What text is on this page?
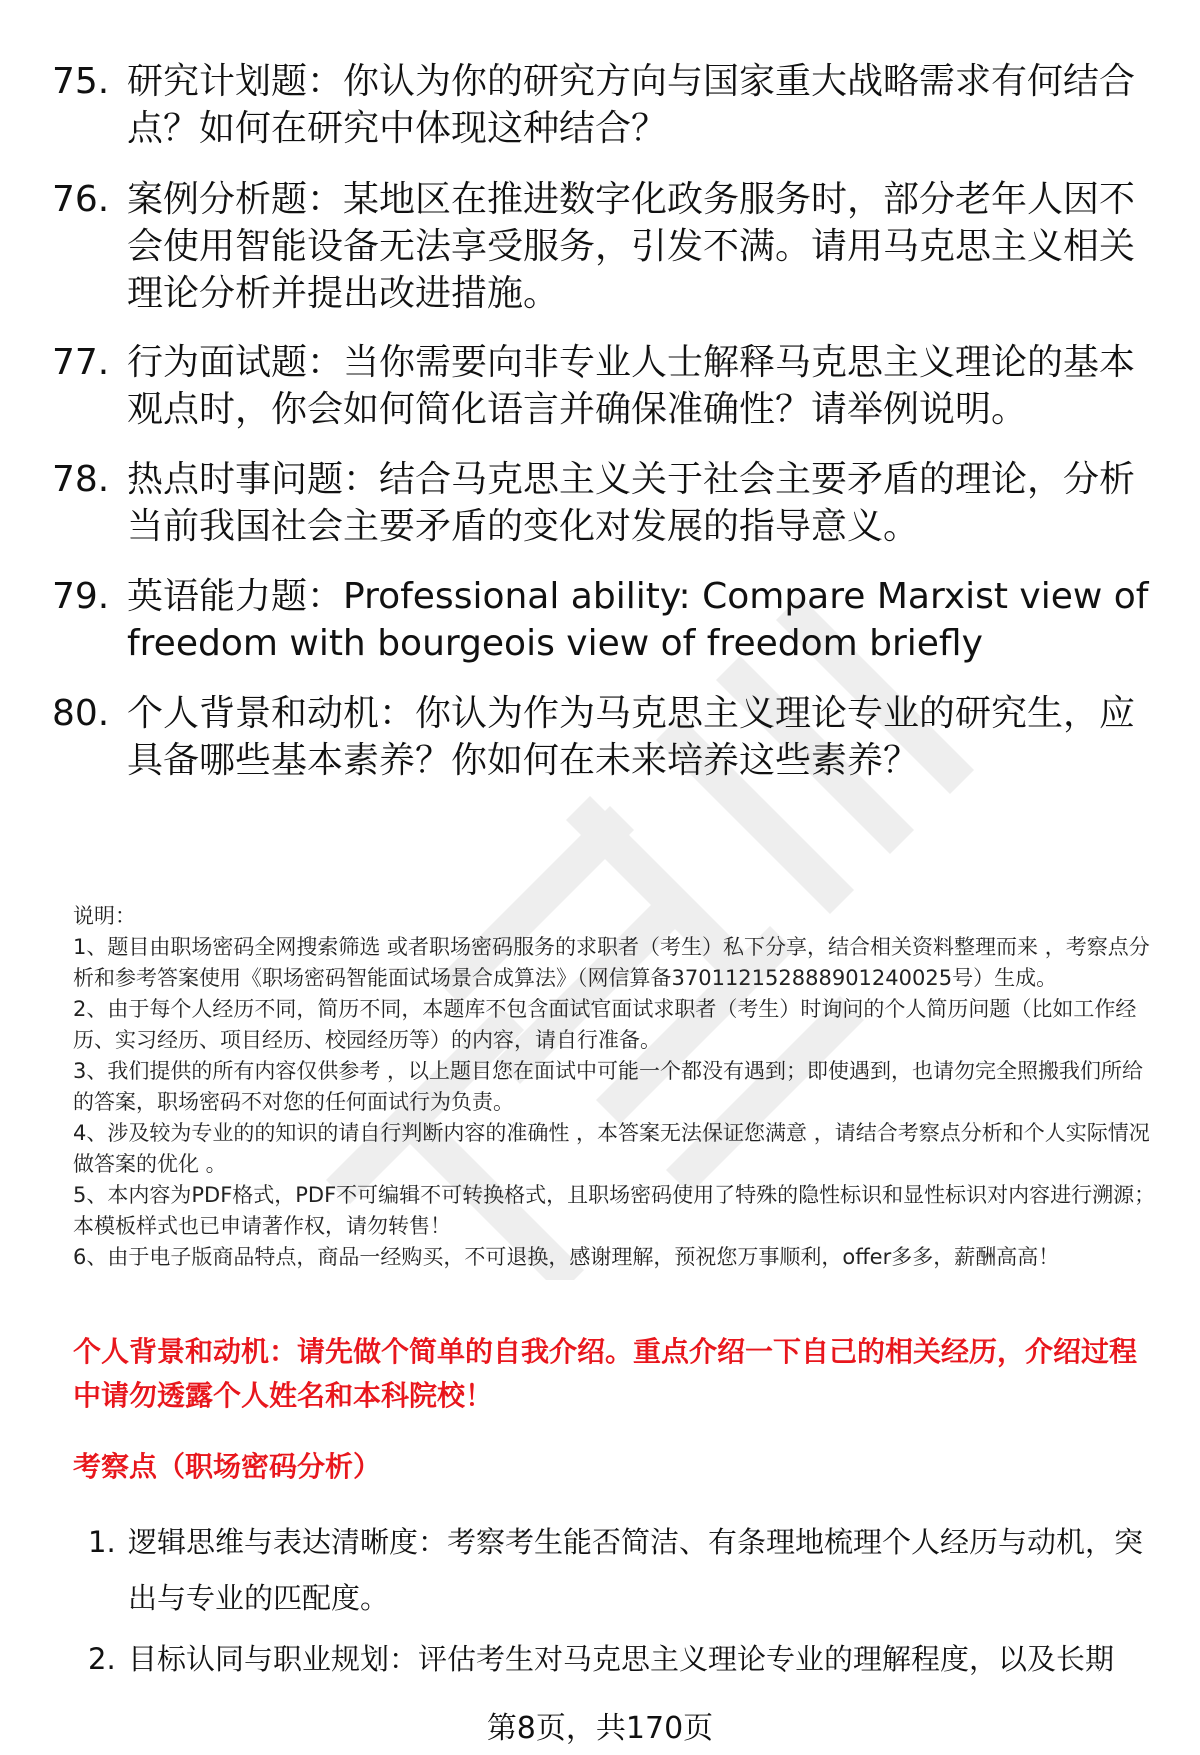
75. 研究计划题：你认为你的研究方向与国家重大战略需求有何结合点？如何在研究中体现这种结合？
76. 案例分析题：某地区在推进数字化政务服务时，部分老年人因不会使用智能设备无法享受服务，引发不满。请用马克思主义相关理论分析并提出改进措施。
77. 行为面试题：当你需要向非专业人士解释马克思主义理论的基本观点时，你会如何简化语言并确保准确性？请举例说明。
78. 热点时事问题：结合马克思主义关于社会主要矛盾的理论，分析当前我国社会主要矛盾的变化对发展的指导意义。
79. 英语能力题：Professional ability: Compare Marxist view of freedom with bourgeois view of freedom briefly
80. 个人背景和动机：你认为作为马克思主义理论专业的研究生，应具备哪些基本素养？你如何在未来培养这些素养？
说明：
1、题目由职场密码全网搜索筛选 或者职场密码服务的求职者（考生）私下分享，结合相关资料整理而来 ，考察点分析和参考答案使用《职场密码智能面试场景合成算法》（网信算备370112152888901240025号）生成。
2、由于每个人经历不同，简历不同，本题库不包含面试官面试求职者（考生）时询问的个人简历问题（比如工作经历、实习经历、项目经历、校园经历等）的内容，请自行准备。
3、我们提供的所有内容仅供参考 ，以上题目您在面试中可能一个都没有遇到；即使遇到，也请勿完全照搬我们所给的答案，职场密码不对您的任何面试行为负责。
4、涉及较为专业的的知识的请自行判断内容的准确性 ，本答案无法保证您满意 ，请结合考察点分析和个人实际情况做答案的优化 。
5、本内容为PDF格式，PDF不可编辑不可转换格式，且职场密码使用了特殊的隐性标识和显性标识对内容进行溯源；本模板样式也已申请著作权，请勿转售！
6、由于电子版商品特点，商品一经购买，不可退换，感谢理解，预祝您万事顺利，offer多多，薪酬高高！
个人背景和动机：请先做个简单的自我介绍。重点介绍一下自己的相关经历，介绍过程中请勿透露个人姓名和本科院校！
考察点（职场密码分析）
1. 逻辑思维与表达清晰度：考察考生能否简洁、有条理地梳理个人经历与动机，突出与专业的匹配度。
2. 目标认同与职业规划：评估考生对马克思主义理论专业的理解程度，以及长期
第8页，共170页
